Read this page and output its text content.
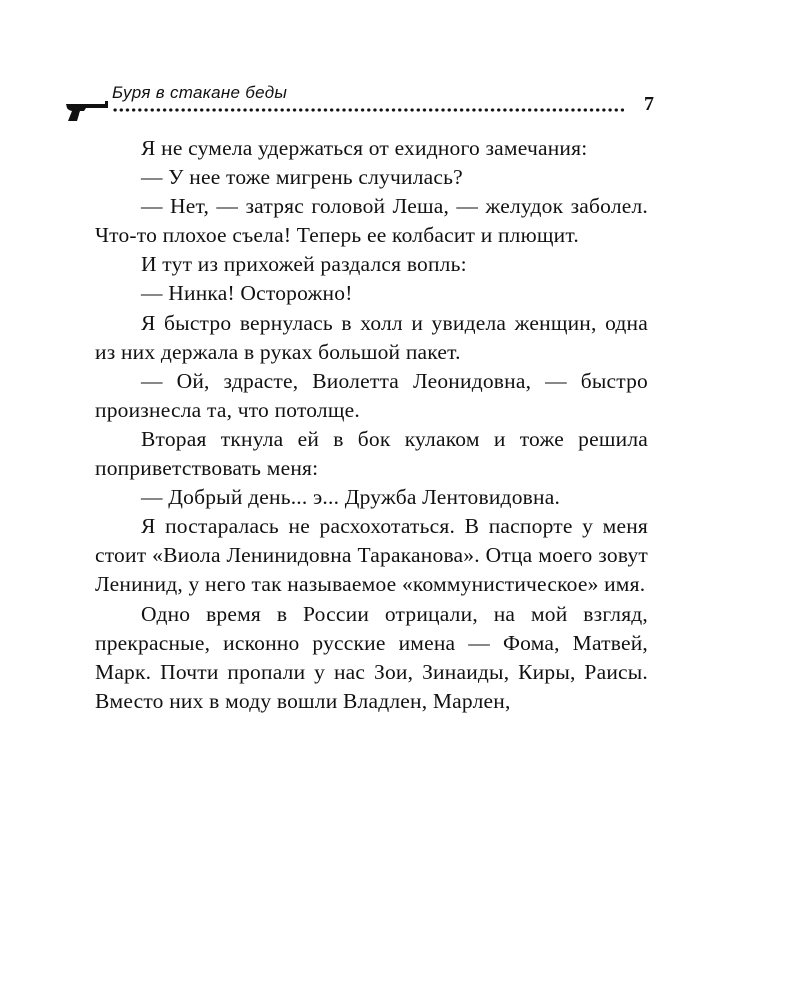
Буря в стакане беды
7

Я не сумела удержаться от ехидного замечания:

— У нее тоже мигрень случилась?

— Нет, — затряс головой Леша, — желудок заболел. Что-то плохое съела! Теперь ее колбасит и плющит.

И тут из прихожей раздался вопль:

— Нинка! Осторожно!

Я быстро вернулась в холл и увидела женщин, одна из них держала в руках большой пакет.

— Ой, здрасте, Виолетта Леонидовна, — быстро произнесла та, что потолще.

Вторая ткнула ей в бок кулаком и тоже решила поприветствовать меня:

— Добрый день... э... Дружба Лентовидовна.

Я постаралась не расхохотаться. В паспорте у меня стоит «Виола Ленинидовна Тараканова». Отца моего зовут Ленинид, у него так называемое «коммунистическое» имя.

Одно время в России отрицали, на мой взгляд, прекрасные, исконно русские имена — Фома, Матвей, Марк. Почти пропали у нас Зои, Зинаиды, Киры, Раисы. Вместо них в моду вошли Владлен, Марлен,
